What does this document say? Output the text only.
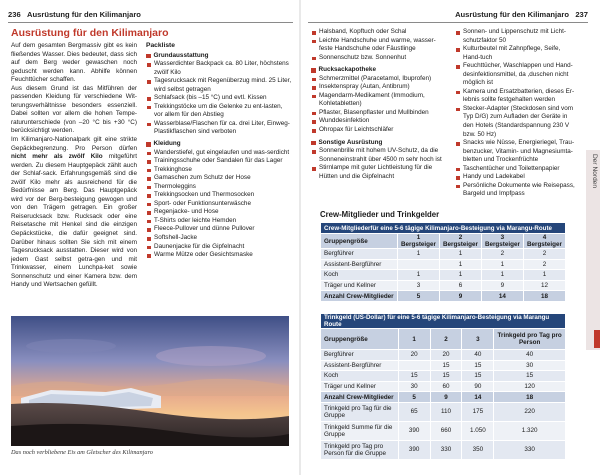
236 Ausrüstung für den Kilimanjaro
Ausrüstung für den Kilimanjaro

Auf dem gesamten Bergmassiv gibt es kein fließendes Wasser. Dies bedeutet, dass sich auf dem Berg weder gewaschen noch geduscht werden kann. Abhilfe können Feuchttücher schaffen.

Aus diesem Grund ist das Mitführen der passenden Kleidung für verschiedene Wit-terungsverhältnisse besonders essenziell. Dabei sollten vor allem die hohen Tempe-raturunterschiede (von –20 °C bis +30 °C) berücksichtigt werden.

Im Kilimanjaro-Nationalpark gilt eine strikte Gepäckbegrenzung. Pro Person dürfen nicht mehr als zwölf Kilo mitgeführt werden. Zu diesem Hauptgepäck zählt auch der Schlaf-sack. Erfahrungsgemäß sind die zwölf Kilo mehr als ausreichend für die Bedürfnisse am Berg. Das Hauptgepäck wird vor der Berg-besteigung gewogen und von den Trägern getragen. Ein großer Reiserucksack bzw. Rucksack oder eine Reisetasche mit Henkel sind die einzigen Gepäckstücke, die dafür geeignet sind. Darüber hinaus sollten Sie sich mit einem Tagesrucksack ausstatten. Dieser wird von jedem Gast selbst getra-gen und mit Trinkwasser, einem Lunchpa-ket sowie Sonnenschutz und einer Kamera bzw. dem Handy und Wertsachen gefüllt.

Packliste
Grundausstattung
Wasserdichter Backpack ca. 80 Liter, höchstens zwölf Kilo
Tagesrucksack mit Regenüberzug mind. 25 Liter, wird selbst getragen
Schlafsack (bis –15 °C) und evtl. Kissen
Trekkingstöcke um die Gelenke zu ent-lasten, vor allem für den Abstieg
Wasserblase/Flaschen für ca. drei Liter, Einweg-Plastikflaschen sind verboten
Kleidung
Wanderstiefel, gut eingelaufen und was-serdicht
Trainingsschuhe oder Sandalen für das Lager
Trekkinghose
Gamaschen zum Schutz der Hose
Thermoleggins
Trekkingsocken und Thermosocken
Sport- oder Funktionsunterwäsche
Regenjacke- und Hose
T-Shirts oder leichte Hemden
Fleece-Pullover und dünne Pullover
Softshell-Jacke
Daunenjacke für die Gipfelnacht
Warme Mütze oder Gesichtsmaske
Das noch verbliebene Eis am Gletscher des Kilimanjaro
Ausrüstung für den Kilimanjaro 237
Halsband, Kopftuch oder Schal
Leichte Handschuhe und warme, wasser-feste Handschuhe oder Fäustlinge
Sonnenschutz bzw. Sonnenhut
Rucksackapotheke
Schmerzmittel (Paracetamol, Ibuprofen)
Insektenspray (Autan, Antibrum)
Magendarm-Medikament (Immodium, Kohletabletten)
Pflaster, Blasenpflaster und Mullbinden
Wunddesinfektion
Ohropax für Leichtschläfer
Sonstige Ausrüstung
Sonnenbrille mit hohem UV-Schutz, da die Sonneneinstrahlt über 4500 m sehr hoch ist
Stirnlampe mit guter Lichtleistung für die Hütten und die Gipfelnacht
Sonnen- und Lippenschutz mit Licht-schutzfaktor 50
Kulturbeutel mit Zahnpflege, Seife, Hand-tuch
Feuchttücher, Waschlappen und Hand-desinfektionsmittel, da ,duschen nicht möglich ist
Kamera und Ersatzbatterien, dieses Er-lebnis sollte festgehalten werden
Stecker-Adapter (Steckdosen sind vom Typ D/G) zum Aufladen der Geräte in den Hotels (Standardspannung 230 V bzw. 50 Hz)
Snacks wie Nüsse, Energieriegel, Trau-benzucker, Vitamin- und Magnesiumta-bletten und Trockenfrüchte
Taschentücher und Toilettenpapier
Handy und Ladekabel
Persönliche Dokumente wie Reisepass, Bargeld und Impfpass
Crew-Mitglieder und Trinkgelder
Crew-Mitgliederfür eine 5-6 tägige Kilimanjaro-Besteigung via Marangu-Route				
Gruppengröße	1 Bergsteiger	2 Bergsteiger	3 Bergsteiger	4 Bergsteiger
Bergführer	1	1	2	2
Assistent-Bergführer		1	1	2
Koch	1	1	1	1
Träger und Kellner	3	6	9	12
Anzahl Crew-Mitglieder	5	9	14	18
Trinkgeld (US-Dollar) für eine 5-6 tägige Kilimanjaro-Besteigung via Marangu Route				
Gruppengröße	1	2	3	Trinkgeld pro Tag pro Person
Bergführer	20	20	40	40
Assistent-Bergführer		15	15	30
Koch	15	15	15	15
Träger und Kellner	30	60	90	120
Anzahl Crew-Mitglieder	5	9	14	18
Trinkgeld pro Tag für die Gruppe	65	110	175	220
Trinkgeld Summe für die Gruppe	390	660	1.050	1.320
Trinkgeld pro Tag pro Person für die Gruppe	390	330	350	330
Der Norden
